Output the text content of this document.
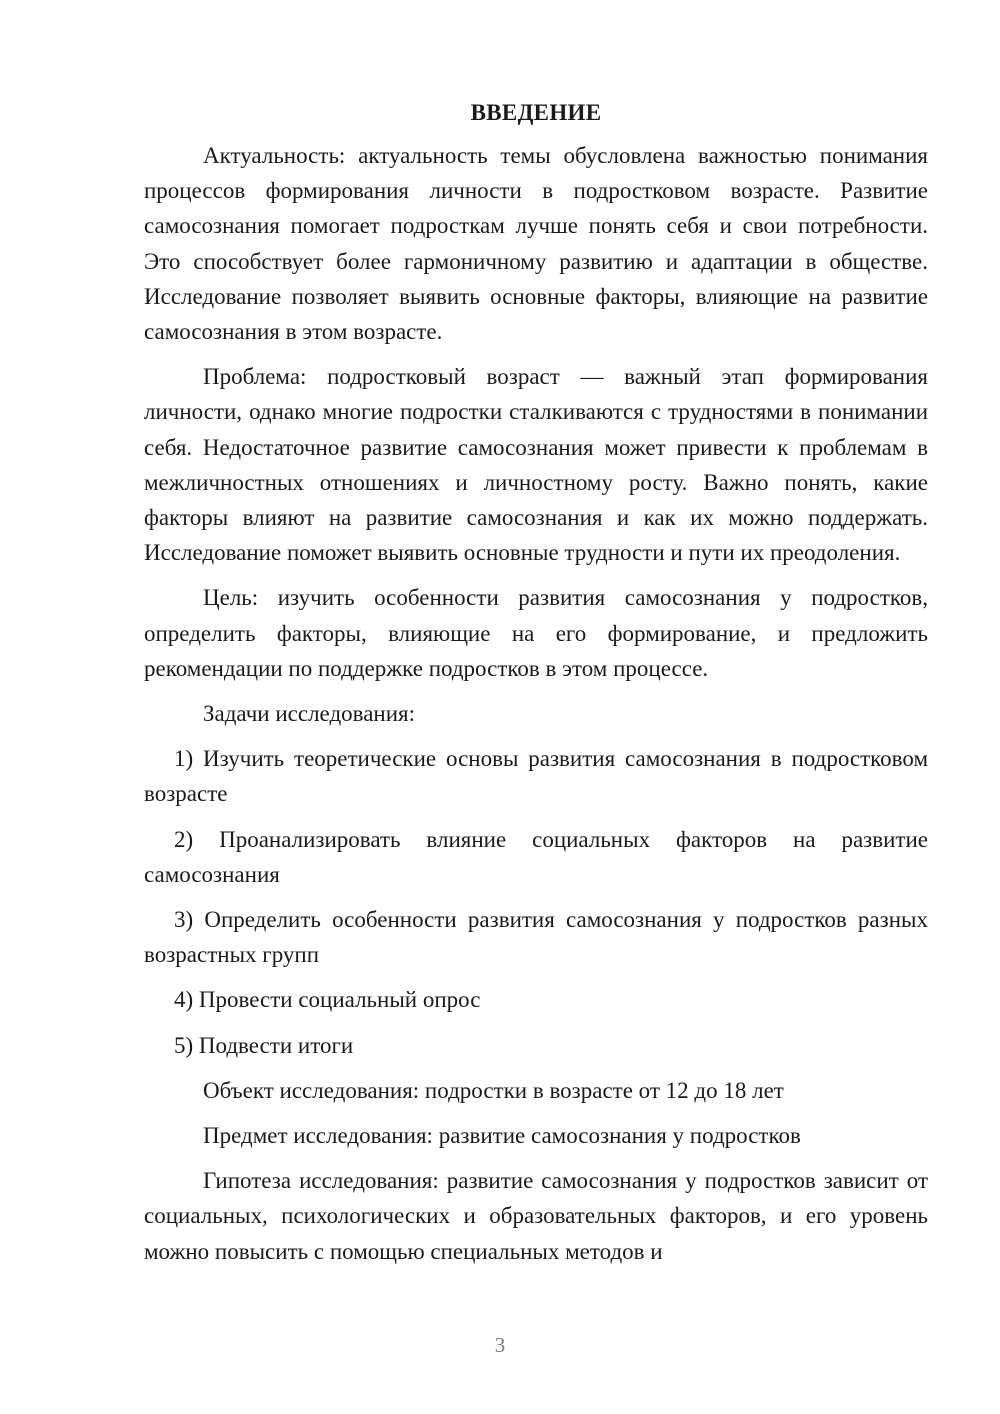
ВВЕДЕНИЕ

Актуальность: актуальность темы обусловлена важностью понимания процессов формирования личности в подростковом возрасте. Развитие самосознания помогает подросткам лучше понять себя и свои потребности. Это способствует более гармоничному развитию и адаптации в обществе. Исследование позволяет выявить основные факторы, влияющие на развитие самосознания в этом возрасте.

Проблема: подростковый возраст — важный этап формирования личности, однако многие подростки сталкиваются с трудностями в понимании себя. Недостаточное развитие самосознания может привести к проблемам в межличностных отношениях и личностному росту. Важно понять, какие факторы влияют на развитие самосознания и как их можно поддержать. Исследование поможет выявить основные трудности и пути их преодоления.

Цель: изучить особенности развития самосознания у подростков, определить факторы, влияющие на его формирование, и предложить рекомендации по поддержке подростков в этом процессе.

Задачи исследования:

1) Изучить теоретические основы развития самосознания в подростковом возрасте

2) Проанализировать влияние социальных факторов на развитие самосознания

3) Определить особенности развития самосознания у подростков разных возрастных групп

4) Провести социальный опрос

5) Подвести итоги

Объект исследования: подростки в возрасте от 12 до 18 лет

Предмет исследования: развитие самосознания у подростков

Гипотеза исследования: развитие самосознания у подростков зависит от социальных, психологических и образовательных факторов, и его уровень можно повысить с помощью специальных методов и

3
